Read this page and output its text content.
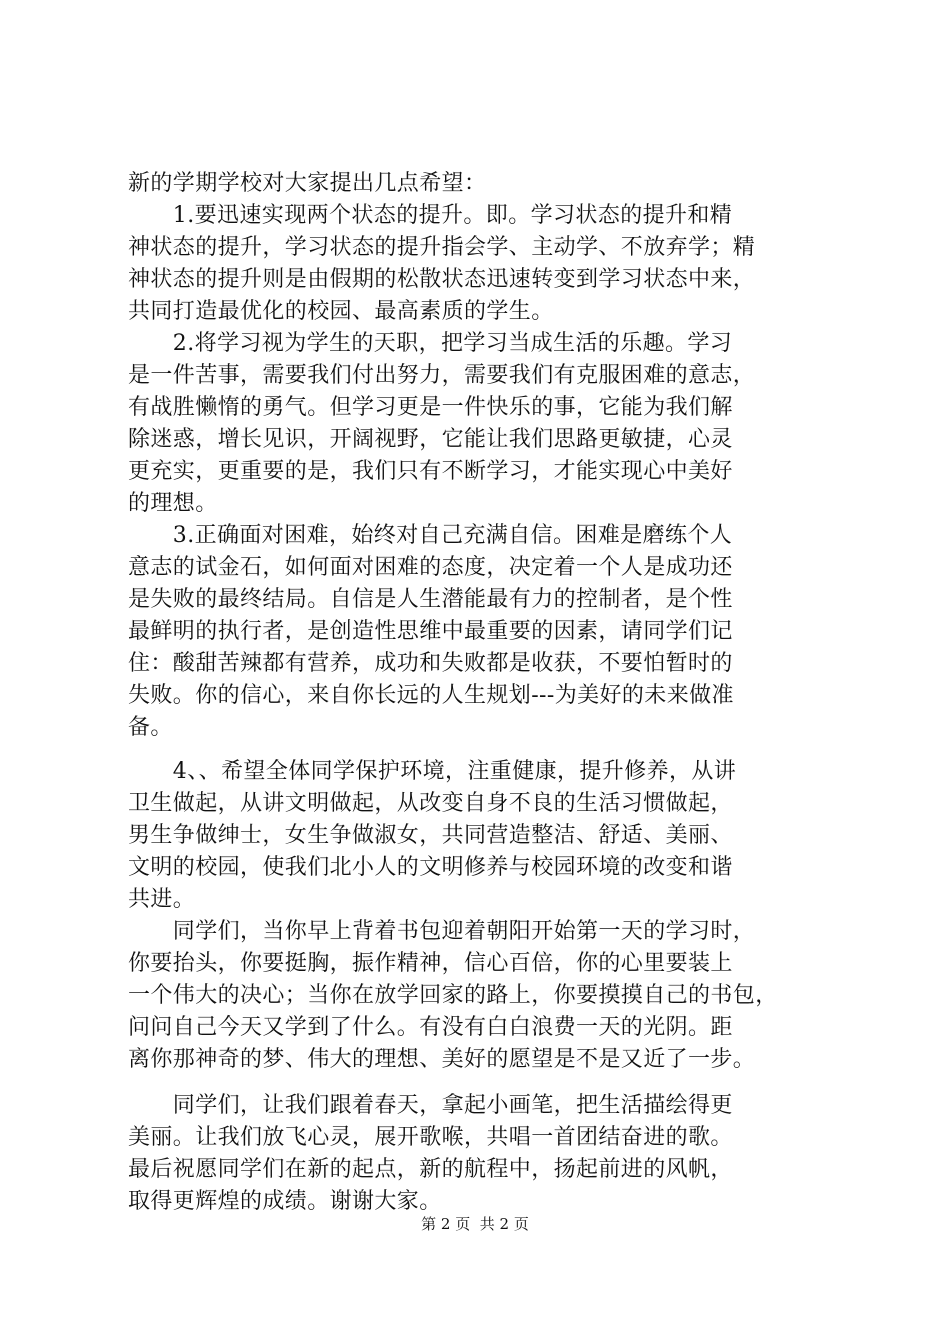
新的学期学校对大家提出几点希望：
　　1.要迅速实现两个状态的提升。即。学习状态的提升和精
神状态的提升，学习状态的提升指会学、主动学、不放弃学；精
神状态的提升则是由假期的松散状态迅速转变到学习状态中来，
共同打造最优化的校园、最高素质的学生。
　　2.将学习视为学生的天职，把学习当成生活的乐趣。学习
是一件苦事，需要我们付出努力，需要我们有克服困难的意志，
有战胜懒惰的勇气。但学习更是一件快乐的事，它能为我们解
除迷惑，增长见识，开阔视野，它能让我们思路更敏捷，心灵
更充实，更重要的是，我们只有不断学习，才能实现心中美好
的理想。
　　3.正确面对困难，始终对自己充满自信。困难是磨练个人
意志的试金石，如何面对困难的态度，决定着一个人是成功还
是失败的最终结局。自信是人生潜能最有力的控制者，是个性
最鲜明的执行者，是创造性思维中最重要的因素，请同学们记
住：酸甜苦辣都有营养，成功和失败都是收获，不要怕暂时的
失败。你的信心，来自你长远的人生规划---为美好的未来做准
备。
　　4、、希望全体同学保护环境，注重健康，提升修养，从讲
卫生做起，从讲文明做起，从改变自身不良的生活习惯做起，
男生争做绅士，女生争做淑女，共同营造整洁、舒适、美丽、
文明的校园，使我们北小人的文明修养与校园环境的改变和谐
共进。
　　同学们，当你早上背着书包迎着朝阳开始第一天的学习时，
你要抬头，你要挺胸，振作精神，信心百倍，你的心里要装上
一个伟大的决心；当你在放学回家的路上，你要摸摸自己的书包，
问问自己今天又学到了什么。有没有白白浪费一天的光阴。距
离你那神奇的梦、伟大的理想、美好的愿望是不是又近了一步。
　　同学们，让我们跟着春天，拿起小画笔，把生活描绘得更
美丽。让我们放飞心灵，展开歌喉，共唱一首团结奋进的歌。
最后祝愿同学们在新的起点，新的航程中，扬起前进的风帆，
取得更辉煌的成绩。谢谢大家。
第 2 页  共 2 页
